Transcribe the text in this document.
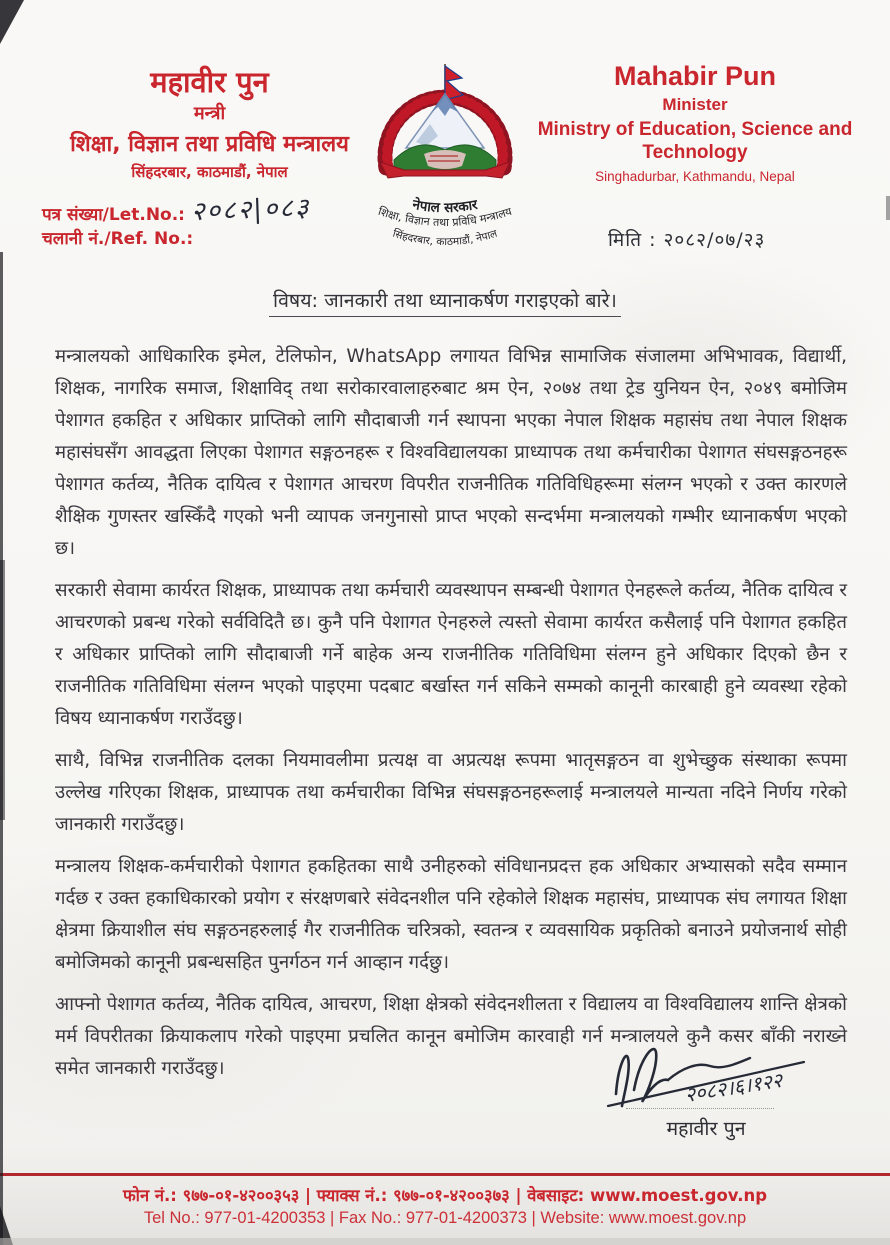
महावीर पुन
मन्त्री
शिक्षा, विज्ञान तथा प्रविधि मन्त्रालय
सिंहदरबार, काठमाडौं, नेपाल
नेपाल सरकार
शिक्षा, विज्ञान तथा प्रविधि मन्त्रालय
सिंहदरबार, काठमाडौं, नेपाल
Mahabir Pun
Minister
Ministry of Education, Science and Technology
Singhadurbar, Kathmandu, Nepal
पत्र संख्या/Let.No.: २०८२|०८३
चलानी नं./Ref. No.:	मिति : २०८२/०७/२३
विषय: जानकारी तथा ध्यानाकर्षण गराइएको बारे।

मन्त्रालयको आधिकारिक इमेल, टेलिफोन, WhatsApp लगायत विभिन्न सामाजिक संजालमा अभिभावक, विद्यार्थी, शिक्षक, नागरिक समाज, शिक्षाविद् तथा सरोकारवालाहरुबाट श्रम ऐन, २०७४ तथा ट्रेड युनियन ऐन, २०४९ बमोजिम पेशागत हकहित र अधिकार प्राप्तिको लागि सौदाबाजी गर्न स्थापना भएका नेपाल शिक्षक महासंघ तथा नेपाल शिक्षक महासंघसँग आवद्धता लिएका पेशागत सङ्गठनहरू र विश्वविद्यालयका प्राध्यापक तथा कर्मचारीका पेशागत संघसङ्गठनहरू पेशागत कर्तव्य, नैतिक दायित्व र पेशागत आचरण विपरीत राजनीतिक गतिविधिहरूमा संलग्न भएको र उक्त कारणले शैक्षिक गुणस्तर खस्किँदै गएको भनी व्यापक जनगुनासो प्राप्त भएको सन्दर्भमा मन्त्रालयको गम्भीर ध्यानाकर्षण भएको छ।

सरकारी सेवामा कार्यरत शिक्षक, प्राध्यापक तथा कर्मचारी व्यवस्थापन सम्बन्धी पेशागत ऐनहरूले कर्तव्य, नैतिक दायित्व र आचरणको प्रबन्ध गरेको सर्वविदितै छ। कुनै पनि पेशागत ऐनहरुले त्यस्तो सेवामा कार्यरत कसैलाई पनि पेशागत हकहित र अधिकार प्राप्तिको लागि सौदाबाजी गर्ने बाहेक अन्य राजनीतिक गतिविधिमा संलग्न हुने अधिकार दिएको छैन र राजनीतिक गतिविधिमा संलग्न भएको पाइएमा पदबाट बर्खास्त गर्न सकिने सम्मको कानूनी कारबाही हुने व्यवस्था रहेको विषय ध्यानाकर्षण गराउँदछु।

साथै, विभिन्न राजनीतिक दलका नियमावलीमा प्रत्यक्ष वा अप्रत्यक्ष रूपमा भातृसङ्गठन वा शुभेच्छुक संस्थाका रूपमा उल्लेख गरिएका शिक्षक, प्राध्यापक तथा कर्मचारीका विभिन्न संघसङ्गठनहरूलाई मन्त्रालयले मान्यता नदिने निर्णय गरेको जानकारी गराउँदछु।

मन्त्रालय शिक्षक-कर्मचारीको पेशागत हकहितका साथै उनीहरुको संविधानप्रदत्त हक अधिकार अभ्यासको सदैव सम्मान गर्दछ र उक्त हकाधिकारको प्रयोग र संरक्षणबारे संवेदनशील पनि रहेकोले शिक्षक महासंघ, प्राध्यापक संघ लगायत शिक्षा क्षेत्रमा क्रियाशील संघ सङ्गठनहरुलाई गैर राजनीतिक चरित्रको, स्वतन्त्र र व्यवसायिक प्रकृतिको बनाउने प्रयोजनार्थ सोही बमोजिमको कानूनी प्रबन्धसहित पुनर्गठन गर्न आव्हान गर्दछु।

आफ्नो पेशागत कर्तव्य, नैतिक दायित्व, आचरण, शिक्षा क्षेत्रको संवेदनशीलता र विद्यालय वा विश्वविद्यालय शान्ति क्षेत्रको मर्म विपरीतका क्रियाकलाप गरेको पाइएमा प्रचलित कानून बमोजिम कारवाही गर्न मन्त्रालयले कुनै कसर बाँकी नराख्ने समेत जानकारी गराउँदछु।	२०८२।६।१२२
महावीर पुन
फोन नं.: ९७७-०१-४२००३५३ | फ्याक्स नं.: ९७७-०१-४२००३७३ | वेबसाइट: www.moest.gov.np
Tel No.: 977-01-4200353 | Fax No.: 977-01-4200373 | Website: www.moest.gov.np
